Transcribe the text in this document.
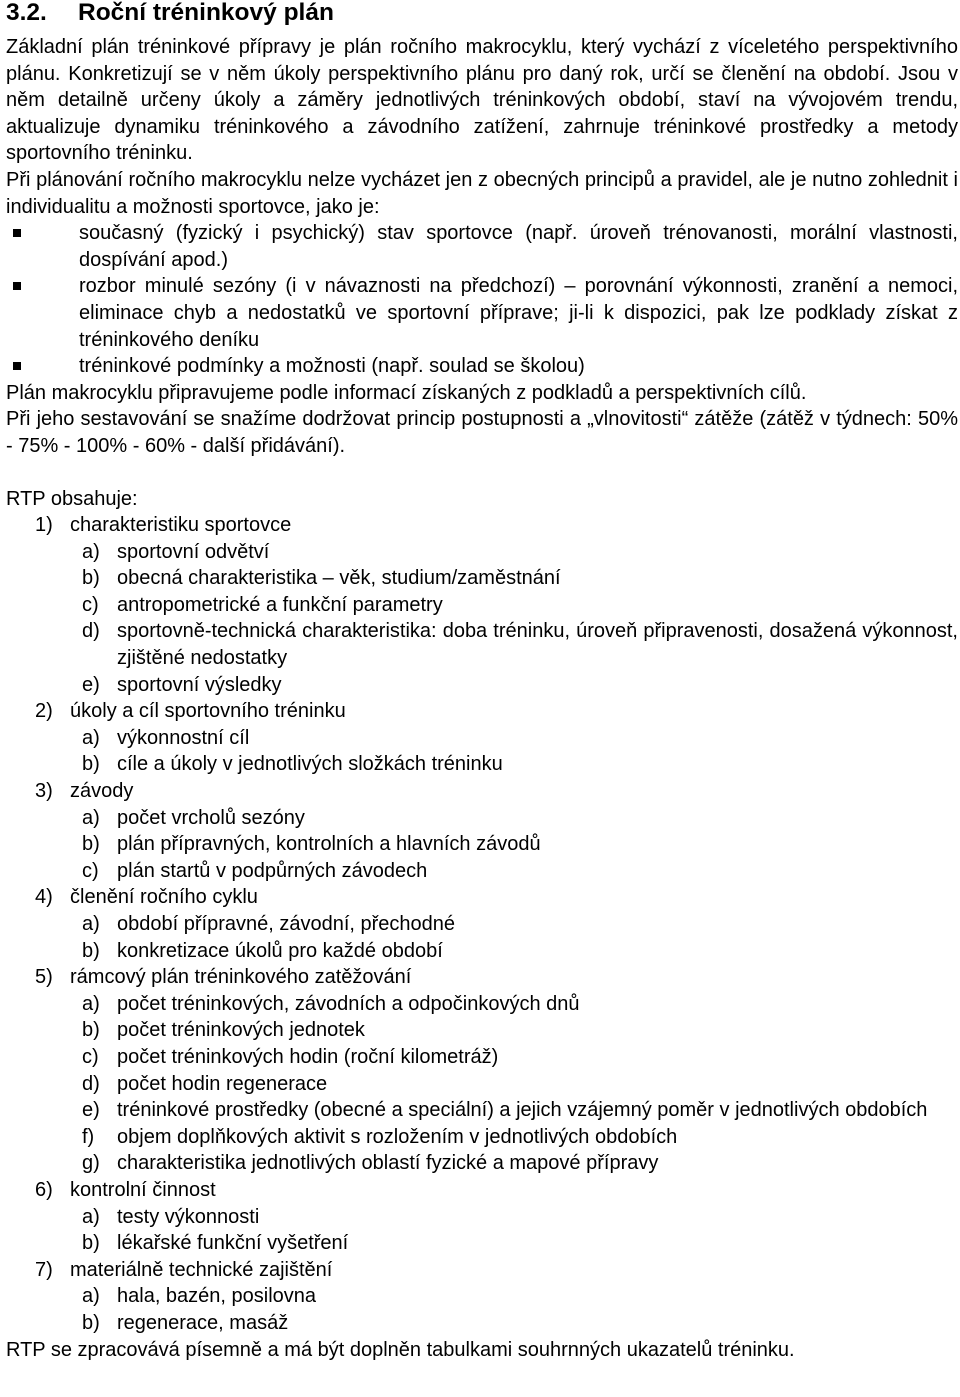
3.2.	Roční tréninkový plán

Základní plán tréninkové přípravy je plán ročního makrocyklu, který vychází z víceletého perspektivního plánu. Konkretizují se v něm úkoly perspektivního plánu pro daný rok, určí se členění na období. Jsou v něm detailně určeny úkoly a záměry jednotlivých tréninkových období, staví na vývojovém trendu, aktualizuje dynamiku tréninkového a závodního zatížení, zahrnuje tréninkové prostředky a metody sportovního tréninku.

Při plánování ročního makrocyklu nelze vycházet jen z obecných principů a pravidel, ale je nutno zohlednit i individualitu a možnosti sportovce, jako je:

současný (fyzický i psychický) stav sportovce (např. úroveň trénovanosti, morální vlastnosti, dospívání apod.)
rozbor minulé sezóny (i v návaznosti na předchozí) – porovnání výkonnosti, zranění a nemoci, eliminace chyb a nedostatků ve sportovní příprave; ji-li k dispozici, pak lze podklady získat z tréninkového deníku
tréninkové podmínky a možnosti (např. soulad se školou)

Plán makrocyklu připravujeme podle informací získaných z podkladů a perspektivních cílů.

Při jeho sestavování se snažíme dodržovat princip postupnosti a „vlnovitosti“ zátěže (zátěž v týdnech: 50% - 75% - 100% - 60% - další přidávání).

RTP obsahuje:

1) charakteristiku sportovce
a) sportovní odvětví
b) obecná charakteristika – věk, studium/zaměstnání
c) antropometrické a funkční parametry
d) sportovně-technická charakteristika: doba tréninku, úroveň připravenosti, dosažená výkonnost, zjištěné nedostatky
e) sportovní výsledky
2) úkoly a cíl sportovního tréninku
a) výkonnostní cíl
b) cíle a úkoly v jednotlivých složkách tréninku
3) závody
a) počet vrcholů sezóny
b) plán přípravných, kontrolních a hlavních závodů
c) plán startů v podpůrných závodech
4) členění ročního cyklu
a) období přípravné, závodní, přechodné
b) konkretizace úkolů pro každé období
5) rámcový plán tréninkového zatěžování
a) počet tréninkových, závodních a odpočinkových dnů
b) počet tréninkových jednotek
c) počet tréninkových hodin (roční kilometráž)
d) počet hodin regenerace
e) tréninkové prostředky (obecné a speciální) a jejich vzájemný poměr v jednotlivých obdobích
f) objem doplňkových aktivit s rozložením v jednotlivých obdobích
g) charakteristika jednotlivých oblastí fyzické a mapové přípravy
6) kontrolní činnost
a) testy výkonnosti
b) lékařské funkční vyšetření
7) materiálně technické zajištění
a) hala, bazén, posilovna
b) regenerace, masáž

RTP se zpracovává písemně a má být doplněn tabulkami souhrnných ukazatelů tréninku.
